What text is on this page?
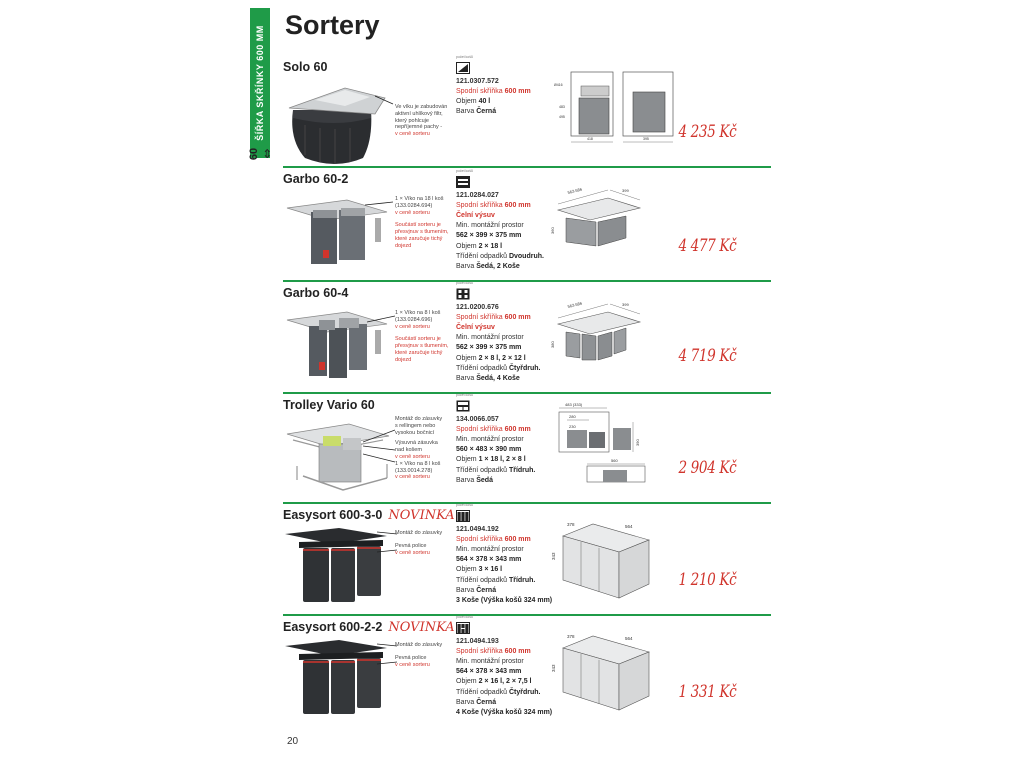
ŠÍŘKA SKŘÍNKY 600 MM
60 ⇕
Sortery
Solo 60
Ve víku je zabudován
aktivní uhlíkový filtr,
který pohlcuje
nepříjemné pachy -
v ceně sorteru
počet košů
121.0307.572
Spodní skříňka 600 mm
Objem 40 l
Barva Černá
Ø416
483
495
418	395 4 235 Kč
Garbo 60-2
1 × Víko na 18 l koš
(133.0284.694)
v ceně sorteru
Součástí sorteru je
přesvjnuv s tlumením,
které zaručuje tichý
dojezd
počet košů
121.0284.027
Spodní skříňka 600 mm
Čelní výsuv
Min. montážní prostor
562 × 399 × 375 mm
Objem 2 × 18 l
Třídění odpadků Dvoudruh.
Barva Šedá, 2 Koše
562-586	399
360
4 477 Kč
Garbo 60-4
1 × Víko na 8 l koš
(133.0284.696)
v ceně sorteru
Součástí sorteru je
přesvjnuv s tlumením,
které zaručuje tichý
dojezd
počet košů
121.0200.676
Spodní skříňka 600 mm
Čelní výsuv
Min. montážní prostor
562 × 399 × 375 mm
Objem 2 × 8 l, 2 × 12 l
Třídění odpadků Čtyřdruh.
Barva Šedá, 4 Koše
562-586	399
380
4 719 Kč
Trolley Vario 60
Montáž do zásuvky
s rellingem nebo
vysokou bočnicí
Výsuvná zásuvka
nad košem
v ceně sorteru
1 × Víko na 8 l koš
(133.0014.278)
v ceně sorteru
počet košů
134.0066.057
Spodní skříňka 600 mm
Min. montážní prostor
560 × 483 × 390 mm
Objem 1 × 18 l, 2 × 8 l
Třídění odpadků Třídruh.
Barva Šedá
483 (333)
280
230
390
560	2 904 Kč
Easysort 600-3-0 NOVINKA
Montáž do zásuvky
Pevná police
v ceně sorteru
počet košů
121.0494.192
Spodní skříňka 600 mm
Min. montážní prostor
564 × 378 × 343 mm
Objem 3 × 16 l
Třídění odpadků Třídruh.
Barva Černá
3 Koše (Výška košů 324 mm)
378	564
343
1 210 Kč
Easysort 600-2-2 NOVINKA
Montáž do zásuvky
Pevná police
v ceně sorteru
počet košů
121.0494.193
Spodní skříňka 600 mm
Min. montážní prostor
564 × 378 × 343 mm
Objem 2 × 16 l, 2 × 7,5 l
Třídění odpadků Čtyřdruh.
Barva Černá
4 Koše (Výška košů 324 mm)
378	564
343
1 331 Kč
20
